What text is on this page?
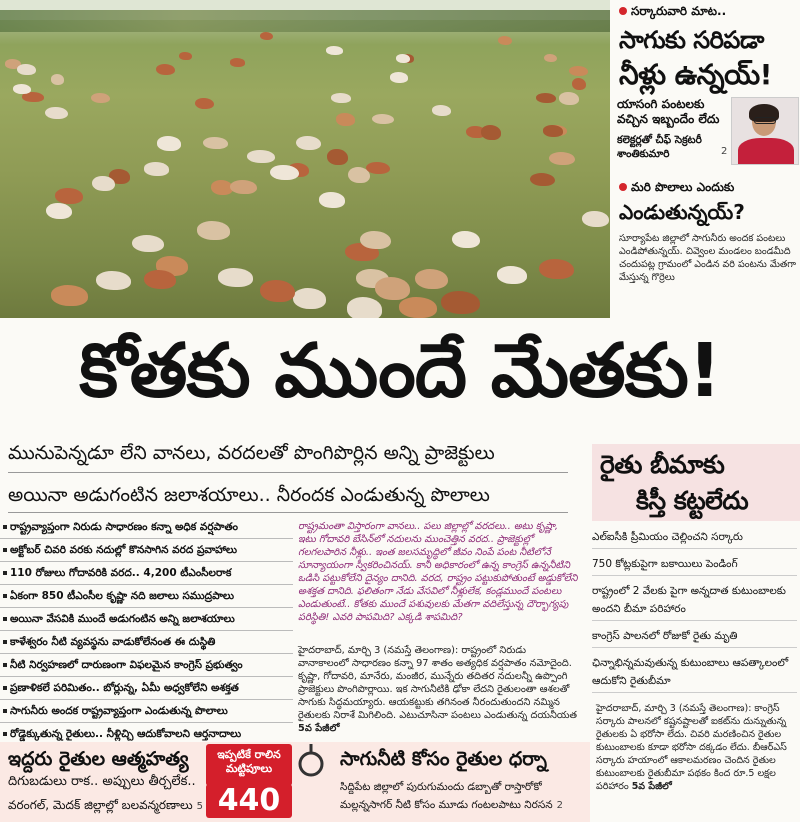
సర్కారువారి మాట..
సాగుకు సరిపడా
నీళ్లు ఉన్నయ్!
యాసంగి పంటలకు వచ్చిన ఇబ్బందేం లేదు
కలెక్టర్లతో చీఫ్ సెక్రటరీ శాంతికుమారి	2
మరి పొలాలు ఎందుకు
ఎండుతున్నయ్?
సూర్యాపేట జిల్లాలో సాగునీరు అందక పంటలు ఎండిపోతున్నయ్. చివ్వెంల మండలం బండమీది చందుపట్ల గ్రామంలో ఎండిన వరి పంటను మేతగా మేస్తున్న గొర్రెలు
కోతకు ముందే మేతకు!
మునుపెన్నడూ లేని వానలు, వరదలతో పొంగిపొర్లిన అన్ని ప్రాజెక్టులు
అయినా అడుగంటిన జలాశయాలు.. నీరందక ఎండుతున్న పొలాలు
రాష్ట్రవ్యాప్తంగా నిరుడు సాధారణం కన్నా అధిక వర్షపాతం
అక్టోబర్ చివరి వరకు నదుల్లో కొనసాగిన వరద ప్రవాహాలు
110 రోజులు గోదావరికి వరద.. 4,200 టీఎంసీలరాక
ఏకంగా 850 టీఎంసీల కృష్ణా నది జలాలు సముద్రపాలు
అయినా వేసవికి ముందే అడుగంటిన అన్ని జలాశయాలు
కాళేశ్వరం నీటి వ్యవస్థను వాడుకోలేనంత ఈ దుస్థితి
నీటి నిర్వహణలో దారుణంగా విఫలమైన కాంగ్రెస్ ప్రభుత్వం
ప్రణాళికలే పరిమితం.. బోర్లున్న, ఏమీ అధ్వకోలేని అశక్తత
సాగునీరు అందక రాష్ట్రవ్యాప్తంగా ఎండుతున్న పొలాలు
రోడ్డెక్కుతున్న రైతులు.. నీళ్లిచ్చి ఆదుకోవాలని ఆర్తనాదాలు
రాష్ట్రమంతా విస్తారంగా వానలు.. పలు జిల్లాల్లో వరదలు.. అటు కృష్ణా, ఇటు గోదావరి బేసిన్‌లో నదులను ముంచెత్తిన వరద.. ప్రాజెక్టుల్లో గలగలపారిన నీళ్లు.. ఇంత జలసమృద్ధిలో జీవం నింపే పంట నీటిలోనే సూన్యాయంగా స్వీకరించినయ్. కానీ అధికారంలో ఉన్న కాంగ్రెస్ ఉన్ననీటిని ఒడిసి పట్టుకోలేని దైన్యం దానిది. వరద, రాష్ట్రం పట్టుకుపోతుంటే అడ్డుకోలేని అశక్తత దానిది. ఫలితంగా నేడు వేసవిలో నీళ్లులేక, కండ్లముందే పంటలు ఎండుతుంటే.. కోతకు ముందే పశువులకు మేతగా వదిలేస్తున్న దౌర్భాగ్యపు పరిస్థితి! ఎవరి పాపమిది? ఎక్కడి శాపమిది?
హైదరాబాద్, మార్చి 3 (నమస్తే తెలంగాణ): రాష్ట్రంలో నిరుడు వానాకాలంలో సాధారణం కన్నా 97 శాతం అత్యధిక వర్షపాతం నమోదైంది. కృష్ణా, గోదావరి, మానేరు, మంజీర, మున్నేరు తదితర నదులన్నీ ఉప్పొంగి ప్రాజెక్టులు పొంగిపొర్లాయి. ఇక సాగునీటికి ఢోకా లేదని రైతులంతా ఆశలతో సాగుకు సిద్ధమయ్యారు. ఆయకట్టుకు తగినంత నీరందుతుందని నమ్మిన రైతులకు నిరాశే మిగిలింది. ఎటుచూసినా పంటలు ఎండుతున్న దయనీయత 5వ పేజీలో
రైతు బీమాకు
కిస్తీ కట్టలేదు

ఎల్‌ఐసీకి ప్రీమియం చెల్లించని సర్కారు

750 కోట్లకుపైగా బకాయిలు పెండింగ్

రాష్ట్రంలో 2 వేలకు పైగా అన్నదాత కుటుంబాలకు అందని బీమా పరిహారం

కాంగ్రెస్ పాలనలో రోజుకో రైతు మృతి

ఛిన్నాభిన్నమవుతున్న కుటుంబాలు ఆపత్కాలంలో ఆదుకోని రైతుబీమా

హైదరాబాద్, మార్చి 3 (నమస్తే తెలంగాణ): కాంగ్రెస్ సర్కారు పాలనలో కష్టనష్టాలతో ఐకట్‌ను దున్నుతున్న రైతులకు ఏ భరోసా లేదు. చివరి మరణించిన రైతుల కుటుంబాలకు కూడా భరోసా దక్కడం లేదు. బీఆర్‌ఎస్ సర్కారు హయాంలో ఆకాలమరణం చెందిన రైతుల కుటుంబాలకు రైతుబీమా పథకం కింద రూ.5 లక్షల పరిహారం 5వ పేజీలో
ఇద్దరు రైతుల ఆత్మహత్య
దిగుబడులు రాక.. అప్పులు తీర్చలేక..
వరంగల్, మెదక్ జిల్లాల్లో బలవన్మరణాలు 5
ఇప్పటికే రాలిన మట్టిపూలు
440
సాగునీటి కోసం రైతుల ధర్నా
సిద్దిపేట జిల్లాలో పురుగుమందు డబ్బాతో రాస్తారోకో మల్లన్నసాగర్ నీటి కోసం మూడు గంటలపాటు నిరసన 2
